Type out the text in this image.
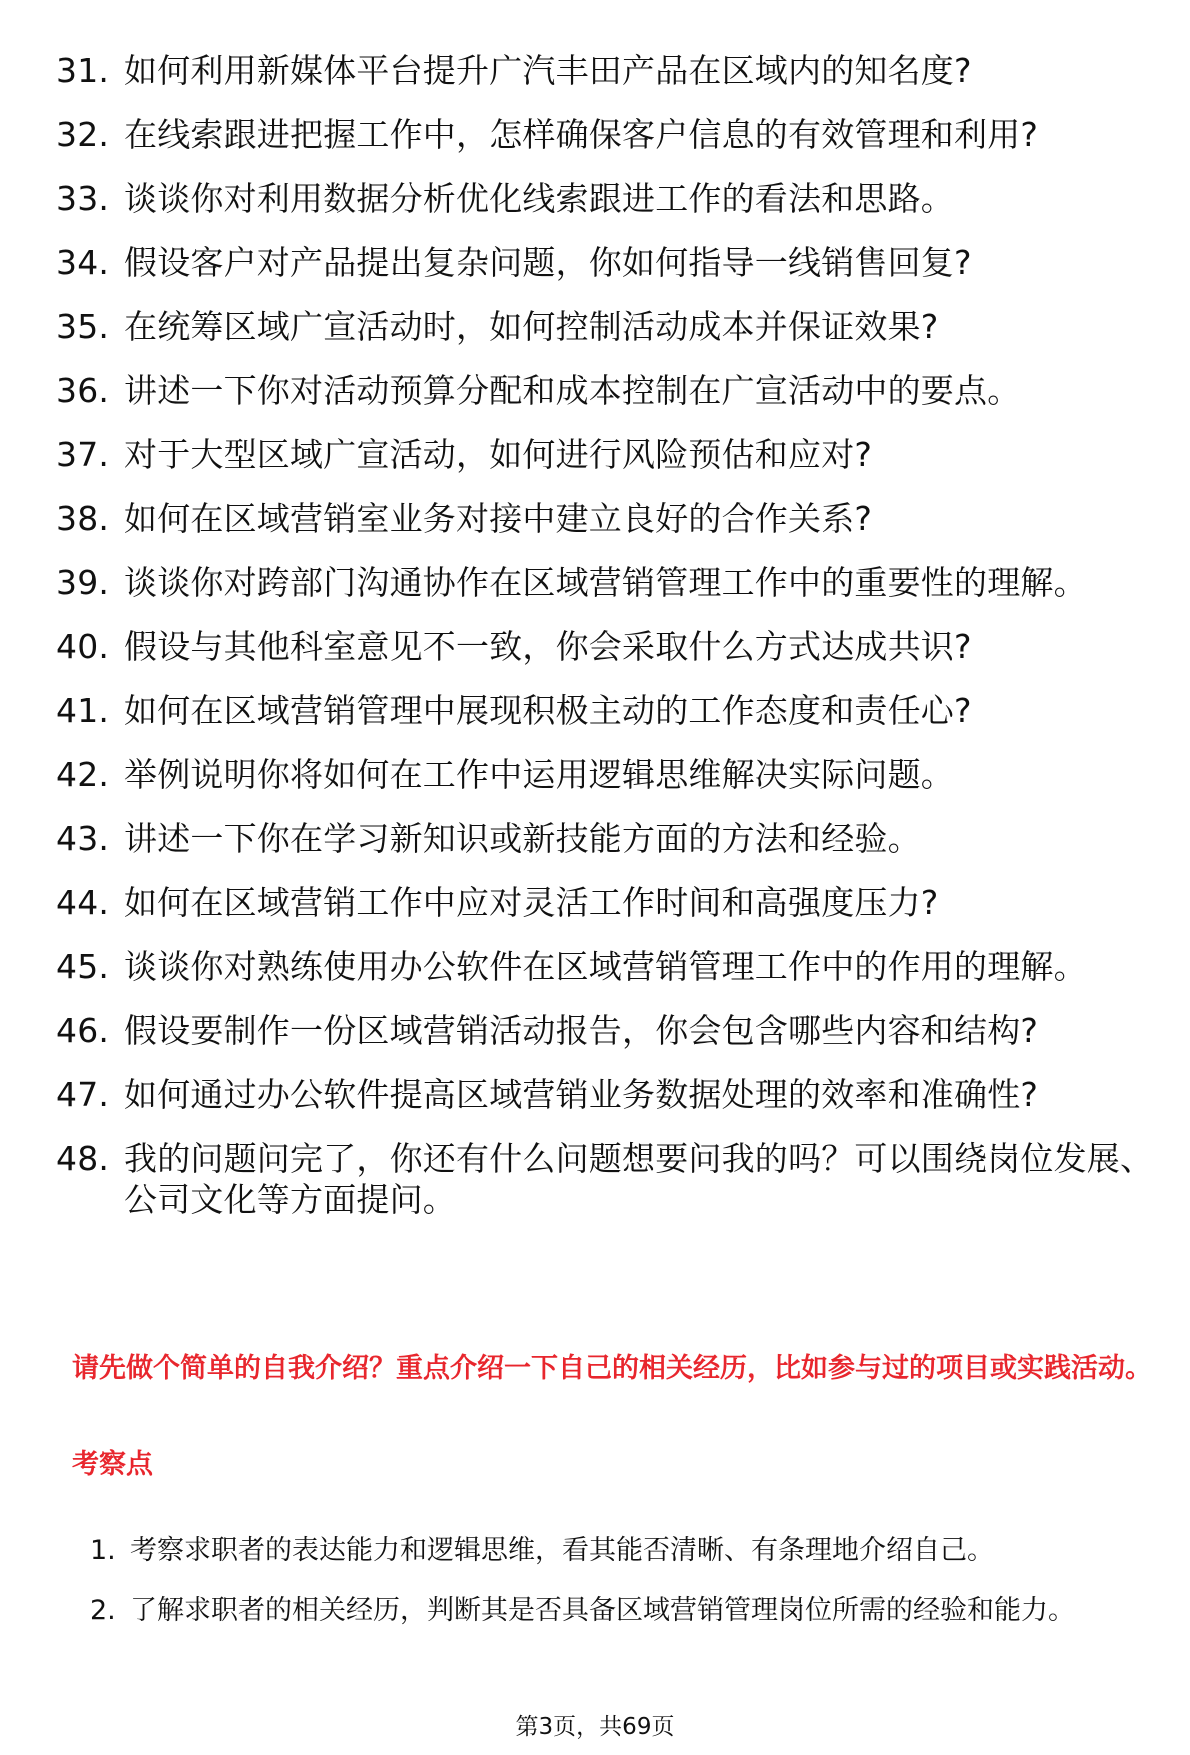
31. 如何利用新媒体平台提升广汽丰田产品在区域内的知名度?
32. 在线索跟进把握工作中，怎样确保客户信息的有效管理和利用?
33. 谈谈你对利用数据分析优化线索跟进工作的看法和思路。
34. 假设客户对产品提出复杂问题，你如何指导一线销售回复?
35. 在统筹区域广宣活动时，如何控制活动成本并保证效果?
36. 讲述一下你对活动预算分配和成本控制在广宣活动中的要点。
37. 对于大型区域广宣活动，如何进行风险预估和应对?
38. 如何在区域营销室业务对接中建立良好的合作关系?
39. 谈谈你对跨部门沟通协作在区域营销管理工作中的重要性的理解。
40. 假设与其他科室意见不一致，你会采取什么方式达成共识?
41. 如何在区域营销管理中展现积极主动的工作态度和责任心?
42. 举例说明你将如何在工作中运用逻辑思维解决实际问题。
43. 讲述一下你在学习新知识或新技能方面的方法和经验。
44. 如何在区域营销工作中应对灵活工作时间和高强度压力?
45. 谈谈你对熟练使用办公软件在区域营销管理工作中的作用的理解。
46. 假设要制作一份区域营销活动报告，你会包含哪些内容和结构?
47. 如何通过办公软件提高区域营销业务数据处理的效率和准确性?
48. 我的问题问完了，你还有什么问题想要问我的吗？可以围绕岗位发展、公司文化等方面提问。

请先做个简单的自我介绍？重点介绍一下自己的相关经历，比如参与过的项目或实践活动。

考察点
1. 考察求职者的表达能力和逻辑思维，看其能否清晰、有条理地介绍自己。
2. 了解求职者的相关经历，判断其是否具备区域营销管理岗位所需的经验和能力。
第3页，共69页
